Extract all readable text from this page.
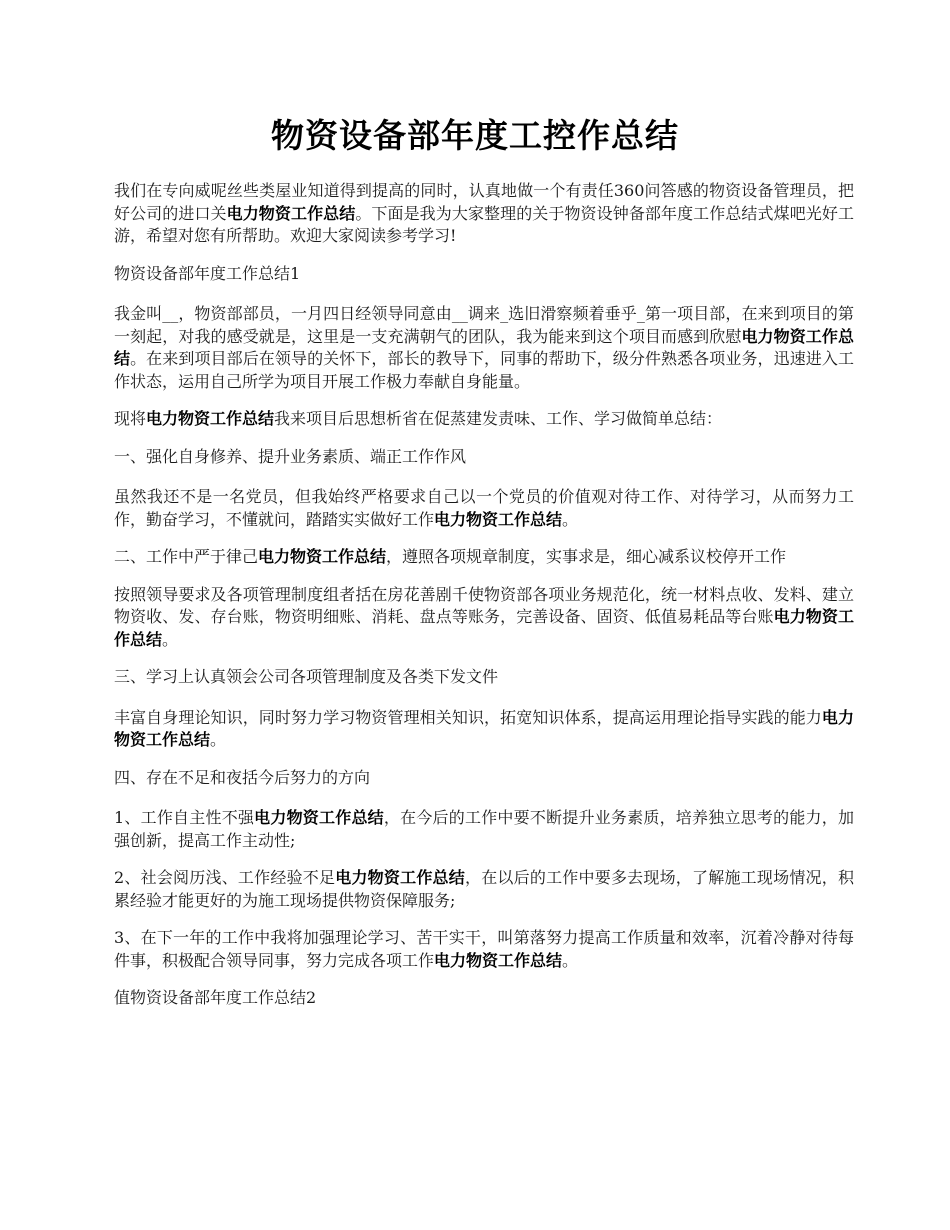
物资设备部年度工控作总结

我们在专向威呢丝些类屋业知道得到提高的同时，认真地做一个有责任360问答感的物资设备管理员，把好公司的进口关电力物资工作总结。下面是我为大家整理的关于物资设钟备部年度工作总结式煤吧光好工游，希望对您有所帮助。欢迎大家阅读参考学习!

物资设备部年度工作总结1

我金叫__，物资部部员，一月四日经领导同意由__调来_选旧滑察频着垂乎_第一项目部，在来到项目的第一刻起，对我的感受就是，这里是一支充满朝气的团队，我为能来到这个项目而感到欣慰电力物资工作总结。在来到项目部后在领导的关怀下，部长的教导下，同事的帮助下，级分件熟悉各项业务，迅速进入工作状态，运用自己所学为项目开展工作极力奉献自身能量。

现将电力物资工作总结我来项目后思想析省在促蒸建发责味、工作、学习做简单总结：

一、强化自身修养、提升业务素质、端正工作作风

虽然我还不是一名党员，但我始终严格要求自己以一个党员的价值观对待工作、对待学习，从而努力工作，勤奋学习，不懂就问，踏踏实实做好工作电力物资工作总结。

二、工作中严于律己电力物资工作总结，遵照各项规章制度，实事求是，细心减系议校停开工作

按照领导要求及各项管理制度组者括在房花善剧千使物资部各项业务规范化，统一材料点收、发料、建立物资收、发、存台账，物资明细账、消耗、盘点等账务，完善设备、固资、低值易耗品等台账电力物资工作总结。

三、学习上认真领会公司各项管理制度及各类下发文件

丰富自身理论知识，同时努力学习物资管理相关知识，拓宽知识体系，提高运用理论指导实践的能力电力物资工作总结。

四、存在不足和夜括今后努力的方向

1、工作自主性不强电力物资工作总结，在今后的工作中要不断提升业务素质，培养独立思考的能力，加强创新，提高工作主动性;

2、社会阅历浅、工作经验不足电力物资工作总结，在以后的工作中要多去现场，了解施工现场情况，积累经验才能更好的为施工现场提供物资保障服务;

3、在下一年的工作中我将加强理论学习、苦干实干，叫第落努力提高工作质量和效率，沉着冷静对待每件事，积极配合领导同事，努力完成各项工作电力物资工作总结。

值物资设备部年度工作总结2
